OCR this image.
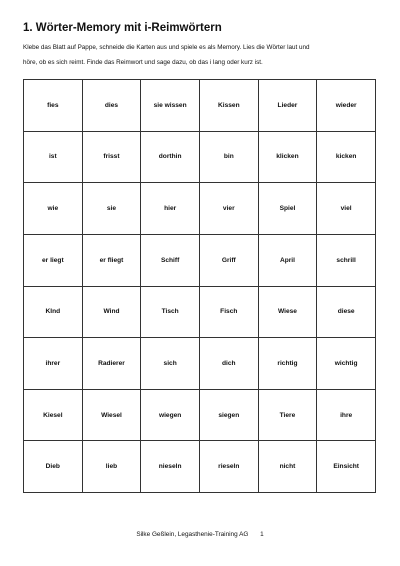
1. Wörter-Memory mit i-Reimwörtern

Klebe das Blatt auf Pappe, schneide die Karten aus und spiele es als Memory. Lies die Wörter laut und
höre, ob es sich reimt. Finde das Reimwort und sage dazu, ob das i lang oder kurz ist.

fies	dies	sie wissen	Kissen	Lieder	wieder
ist	frisst	dorthin	bin	klicken	kicken
wie	sie	hier	vier	Spiel	viel
er liegt	er fliegt	Schiff	Griff	April	schrill
KInd	Wind	Tisch	Fisch	Wiese	diese
ihrer	Radierer	sich	dich	richtig	wichtig
Kiesel	Wiesel	wiegen	siegen	Tiere	ihre
Dieb	lieb	nieseln	rieseln	nicht	Einsicht
Silke Geßlein, Legasthenie-Training AG 1
